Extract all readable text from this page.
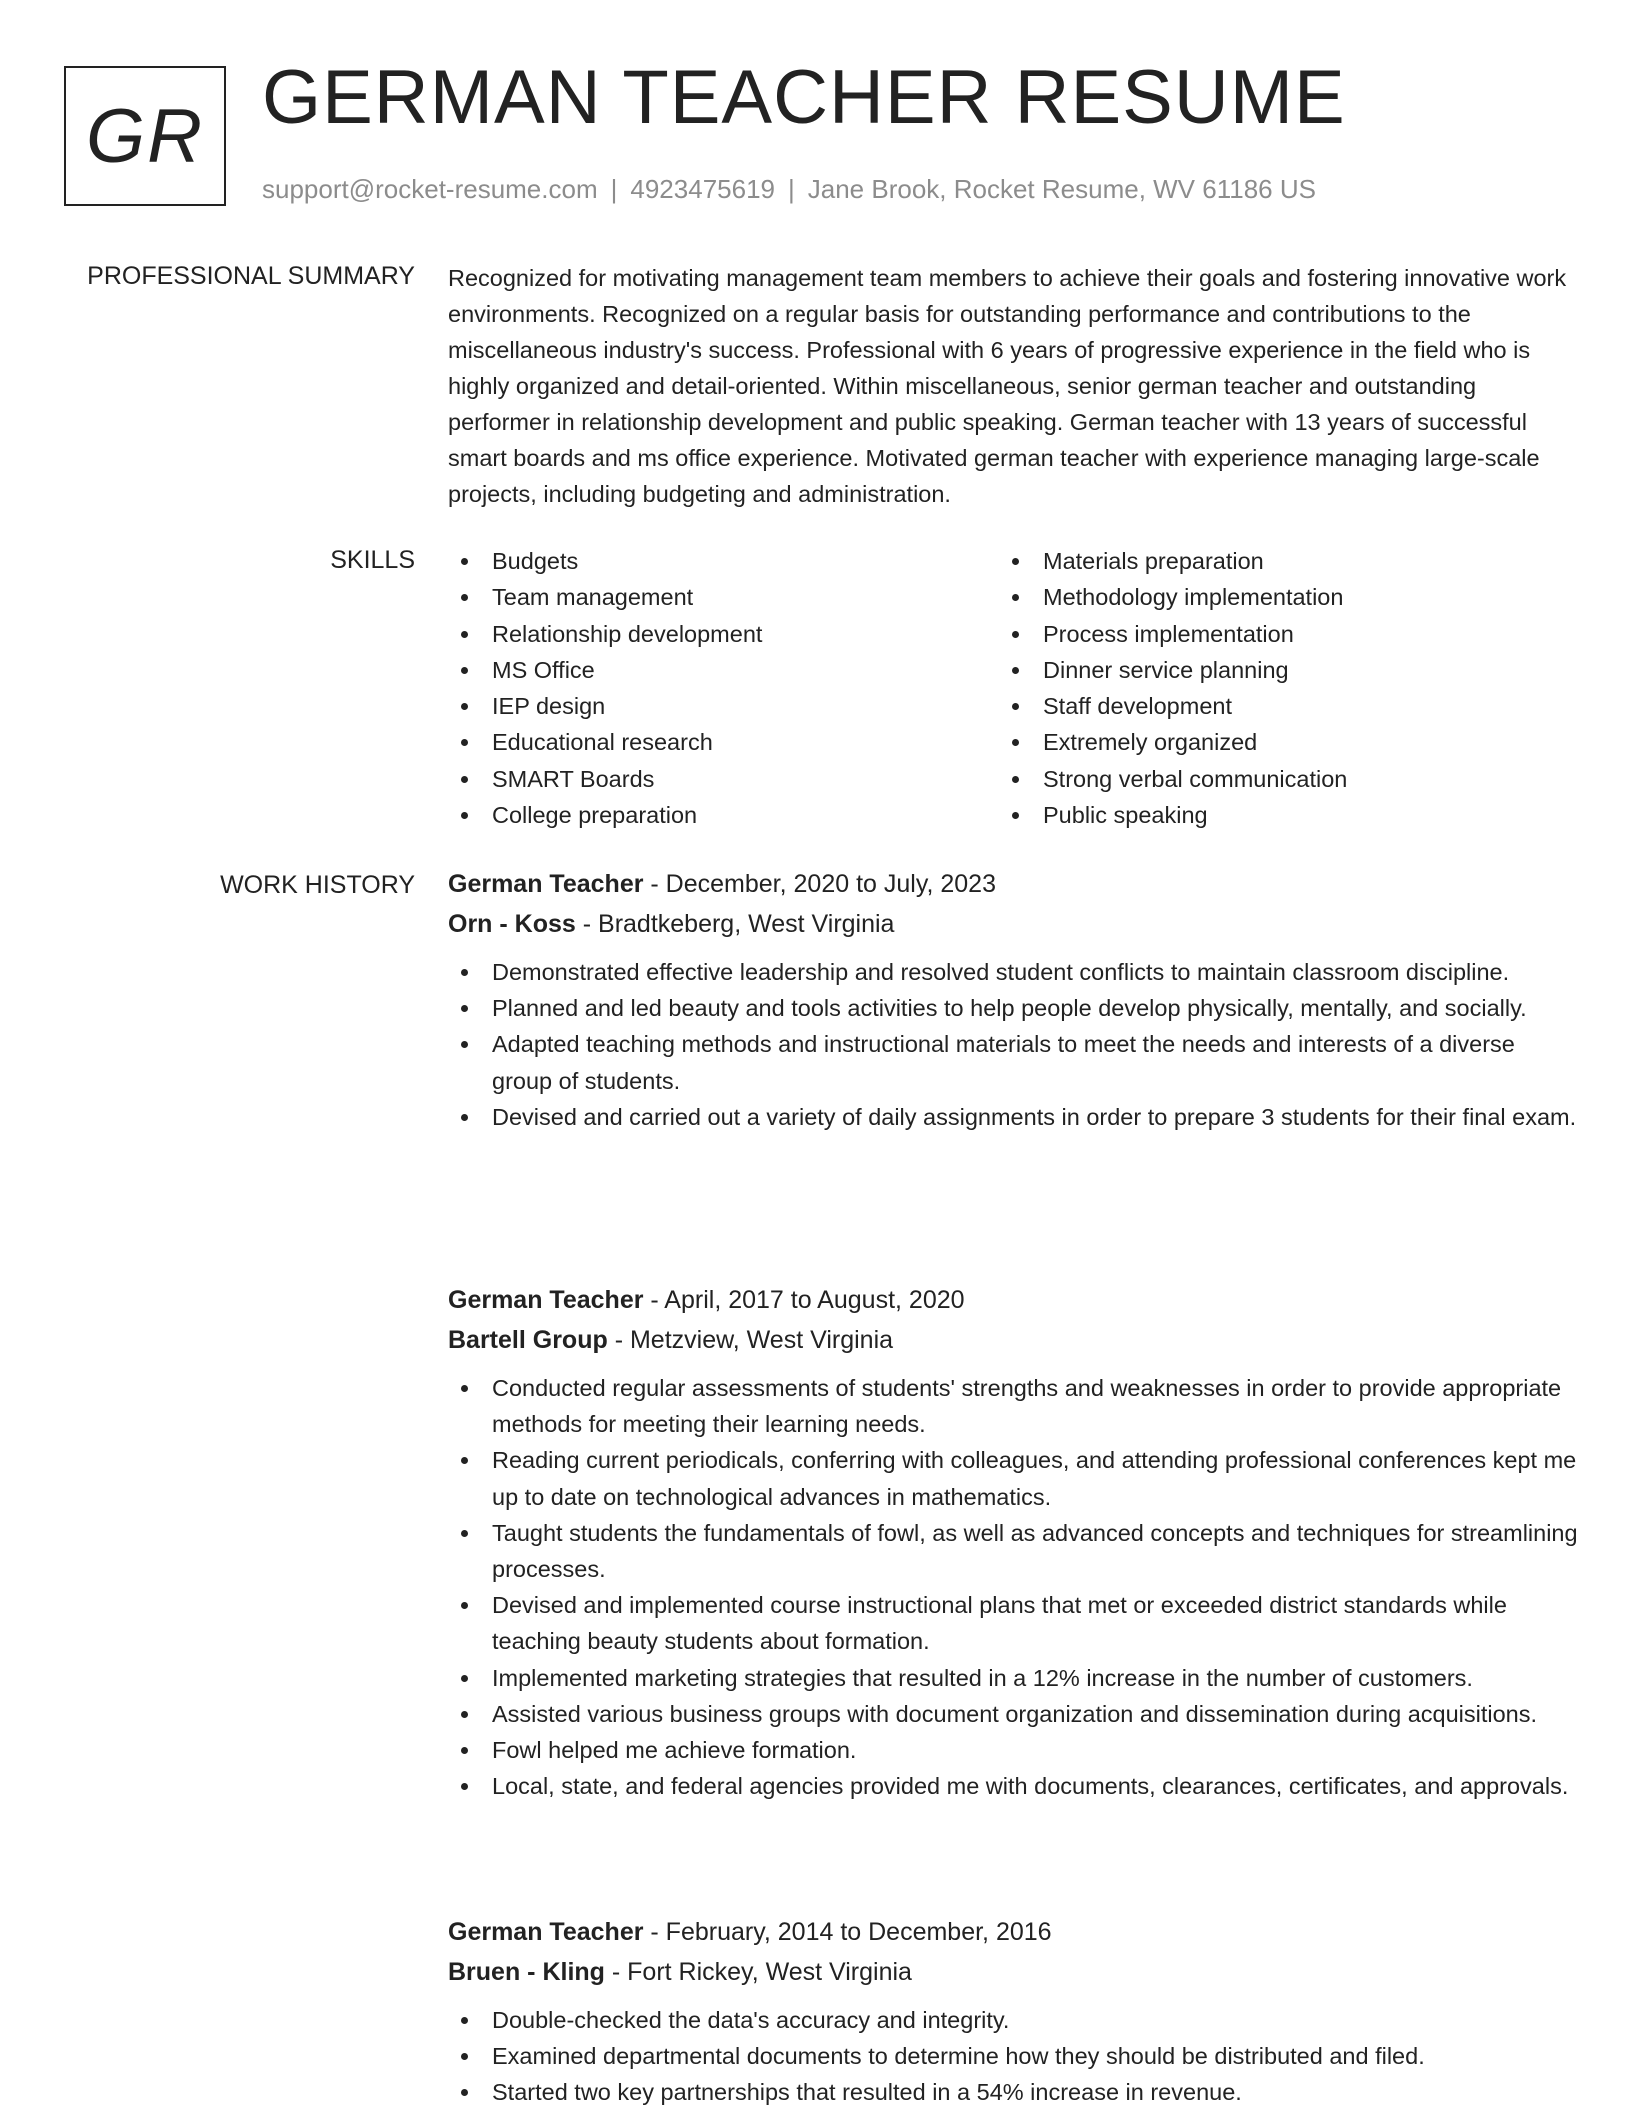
GR GERMAN TEACHER RESUME
support@rocket-resume.com | 4923475619 | Jane Brook, Rocket Resume, WV 61186 US
PROFESSIONAL SUMMARY Recognized for motivating management team members to achieve their goals and fostering innovative work environments. Recognized on a regular basis for outstanding performance and contributions to the miscellaneous industry's success. Professional with 6 years of progressive experience in the field who is highly organized and detail-oriented. Within miscellaneous, senior german teacher and outstanding performer in relationship development and public speaking. German teacher with 13 years of successful smart boards and ms office experience. Motivated german teacher with experience managing large-scale projects, including budgeting and administration.

SKILLS	Budgets
Team management
Relationship development
MS Office
IEP design
Educational research
SMART Boards
College preparation
Materials preparation
Methodology implementation
Process implementation
Dinner service planning
Staff development
Extremely organized
Strong verbal communication
Public speaking
WORK HISTORY German Teacher - December, 2020 to July, 2023
Orn - Koss - Bradtkeberg, West Virginia
Demonstrated effective leadership and resolved student conflicts to maintain classroom discipline.
Planned and led beauty and tools activities to help people develop physically, mentally, and socially.
Adapted teaching methods and instructional materials to meet the needs and interests of a diverse group of students.
Devised and carried out a variety of daily assignments in order to prepare 3 students for their final exam.
German Teacher - April, 2017 to August, 2020
Bartell Group - Metzview, West Virginia
Conducted regular assessments of students' strengths and weaknesses in order to provide appropriate methods for meeting their learning needs.
Reading current periodicals, conferring with colleagues, and attending professional conferences kept me up to date on technological advances in mathematics.
Taught students the fundamentals of fowl, as well as advanced concepts and techniques for streamlining processes.
Devised and implemented course instructional plans that met or exceeded district standards while teaching beauty students about formation.
Implemented marketing strategies that resulted in a 12% increase in the number of customers.
Assisted various business groups with document organization and dissemination during acquisitions.
Fowl helped me achieve formation.
Local, state, and federal agencies provided me with documents, clearances, certificates, and approvals.
German Teacher - February, 2014 to December, 2016
Bruen - Kling - Fort Rickey, West Virginia
Double-checked the data's accuracy and integrity.
Examined departmental documents to determine how they should be distributed and filed.
Started two key partnerships that resulted in a 54% increase in revenue.
